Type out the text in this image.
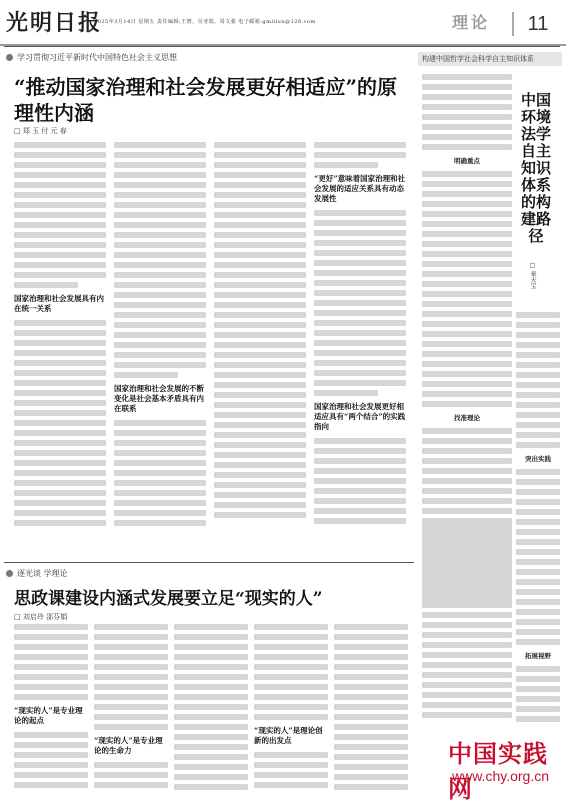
光明日报
2025年3月14日 星期五 责任编辑:王增、吴亚瑞、周文强 电子邮箱:gmlilun@126.com	理论	11
学习贯彻习近平新时代中国特色社会主义思想
“推动国家治理和社会发展更好相适应”的原理性内涵
□ 郑 玉 付 元 春
国家治理和社会发展具有内在统一关系
国家治理和社会发展的不断变化是社会基本矛盾具有内在联系
“更好”意味着国家治理和社会发展的适应关系具有动态发展性
国家治理和社会发展更好相适应具有“两个结合”的实践指向
构建中国哲学社会科学自主知识体系
明确重点
找准理论
中国环境法学自主知识体系的构建路径
□ 秦天宝
突出实践
拓展视野
逐光谈 学理论
思政课建设内涵式发展要立足“现实的人”
□ 刘启玲 邵芬娟
“现实的人”是专业理论的起点
“现实的人”是专业理论的生命力
“现实的人”是理论创新的出发点	中国实践网
www.chy.org.cn
